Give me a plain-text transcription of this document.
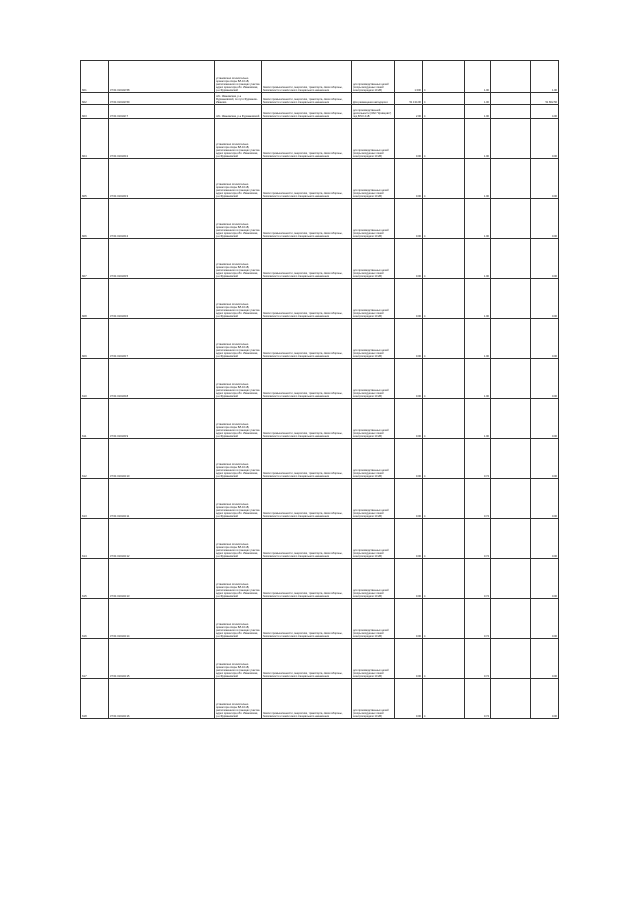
601	37:01:010102:58	установлено относительно ориентира опоры ВЛ-10 кВ, расположенного в границах участка адрес ориентира обл. Ивановская, р-н Фурмановский	Земли промышленности, энергетики, транспорта, связи обороны, безопасности и земли иного специального назначения	для производственных целей (опоры воздушных линий электропередачи 10 кВ)	1 000	4	1.00		1.00
602	37:01:010102:59	обл. Ивановская, р-н Фурмановский, по пути Фурманов-Иваново	Земли промышленности, энергетики, транспорта, связи обороны, безопасности и земли иного специального назначения	Для размещения автодороги	51 134.00	4	1.00		51 802.56
603	37:01:010102:7	обл. Ивановская, р-н Фурмановский	Земли промышленности, энергетики, транспорта, связи обороны, безопасности и земли иного специального назначения	для производственной деятельности (ЗАО "Кривцово") под ВЛ-0.4 кВ	2.00	4	1.00		4.00
604	37:01:010103:2	установлено относительно ориентира опоры ВЛ-10 кВ, расположенного в границах участка адрес ориентира обл. Ивановская, р-н Фурмановский	Земли промышленности, энергетики, транспорта, связи обороны, безопасности и земли иного специального назначения	для производственных целей (опоры воздушных линий электропередачи 10 кВ)	0.00	4	1.00		0.00
605	37:01:010103:3	установлено относительно ориентира опоры ВЛ-10 кВ, расположенного в границах участка адрес ориентира обл. Ивановская, р-н Фурмановский	Земли промышленности, энергетики, транспорта, связи обороны, безопасности и земли иного специального назначения	для производственных целей (опоры воздушных линий электропередачи 10 кВ)	0.00	4	1.00		0.00
606	37:01:010103:4	установлено относительно ориентира опоры ВЛ-10 кВ, расположенного в границах участка адрес ориентира обл. Ивановская, р-н Фурмановский	Земли промышленности, энергетики, транспорта, связи обороны, безопасности и земли иного специального назначения	для производственных целей (опоры воздушных линий электропередачи 10 кВ)	0.00	4	1.00		0.00
607	37:01:010103:5	установлено относительно ориентира опоры ВЛ-10 кВ, расположенного в границах участка адрес ориентира обл. Ивановская, р-н Фурмановский	Земли промышленности, энергетики, транспорта, связи обороны, безопасности и земли иного специального назначения	для производственных целей (опоры воздушных линий электропередачи 10 кВ)	0.00	4	1.00		0.00
608	37:01:010103:6	установлено относительно ориентира опоры ВЛ-10 кВ, расположенного в границах участка адрес ориентира обл. Ивановская, р-н Фурмановский	Земли промышленности, энергетики, транспорта, связи обороны, безопасности и земли иного специального назначения	для производственных целей (опоры воздушных линий электропередачи 10 кВ)	0.00	4	1.00		0.00
609	37:01:010103:7	установлено относительно ориентира опоры ВЛ-10 кВ, расположенного в границах участка адрес ориентира обл. Ивановская, р-н Фурмановский	Земли промышленности, энергетики, транспорта, связи обороны, безопасности и земли иного специального назначения	для производственных целей (опоры воздушных линий электропередачи 10 кВ)	0.00	4	1.00		0.00
610	37:01:010103:8	установлено относительно ориентира опоры ВЛ-10 кВ, расположенного в границах участка адрес ориентира обл. Ивановская, р-н Фурмановский	Земли промышленности, энергетики, транспорта, связи обороны, безопасности и земли иного специального назначения	для производственных целей (опоры воздушных линий электропередачи 10 кВ)	0.00	4	1.00		0.00
611	37:01:010103:9	установлено относительно ориентира опоры ВЛ-10 кВ, расположенного в границах участка адрес ориентира обл. Ивановская, р-н Фурмановский	Земли промышленности, энергетики, транспорта, связи обороны, безопасности и земли иного специального назначения	для производственных целей (опоры воздушных линий электропередачи 10 кВ)	0.00	4	1.00		0.00
612	37:01:010104:10	установлено относительно ориентира опоры ВЛ-10 кВ, расположенного в границах участка адрес ориентира обл. Ивановская, р-н Фурмановский	Земли промышленности, энергетики, транспорта, связи обороны, безопасности и земли иного специального назначения	для производственных целей (опоры воздушных линий электропередачи 10 кВ)	0.00	4	0.74		0.00
613	37:01:010104:11	установлено относительно ориентира опоры ВЛ-10 кВ, расположенного в границах участка адрес ориентира обл. Ивановская, р-н Фурмановский	Земли промышленности, энергетики, транспорта, связи обороны, безопасности и земли иного специального назначения	для производственных целей (опоры воздушных линий электропередачи 10 кВ)	0.00	4	0.74		0.00
614	37:01:010104:12	установлено относительно ориентира опоры ВЛ-10 кВ, расположенного в границах участка адрес ориентира обл. Ивановская, р-н Фурмановский	Земли промышленности, энергетики, транспорта, связи обороны, безопасности и земли иного специального назначения	для производственных целей (опоры воздушных линий электропередачи 10 кВ)	0.00	4	0.74		0.00
615	37:01:010104:13	установлено относительно ориентира опоры ВЛ-10 кВ, расположенного в границах участка адрес ориентира обл. Ивановская, р-н Фурмановский	Земли промышленности, энергетики, транспорта, связи обороны, безопасности и земли иного специального назначения	для производственных целей (опоры воздушных линий электропередачи 10 кВ)	0.00	4	0.74		0.00
616	37:01:010104:14	установлено относительно ориентира опоры ВЛ-10 кВ, расположенного в границах участка адрес ориентира обл. Ивановская, р-н Фурмановский	Земли промышленности, энергетики, транспорта, связи обороны, безопасности и земли иного специального назначения	для производственных целей (опоры воздушных линий электропередачи 10 кВ)	0.00	4	0.74		0.00
617	37:01:010104:15	установлено относительно ориентира опоры ВЛ-10 кВ, расположенного в границах участка адрес ориентира обл. Ивановская, р-н Фурмановский	Земли промышленности, энергетики, транспорта, связи обороны, безопасности и земли иного специального назначения	для производственных целей (опоры воздушных линий электропередачи 10 кВ)	0.00	4	0.74		0.00
618	37:01:010104:16	установлено относительно ориентира опоры ВЛ-10 кВ, расположенного в границах участка адрес ориентира обл. Ивановская, р-н Фурмановский	Земли промышленности, энергетики, транспорта, связи обороны, безопасности и земли иного специального назначения	для производственных целей (опоры воздушных линий электропередачи 10 кВ)	0.00	4	0.74		0.00
